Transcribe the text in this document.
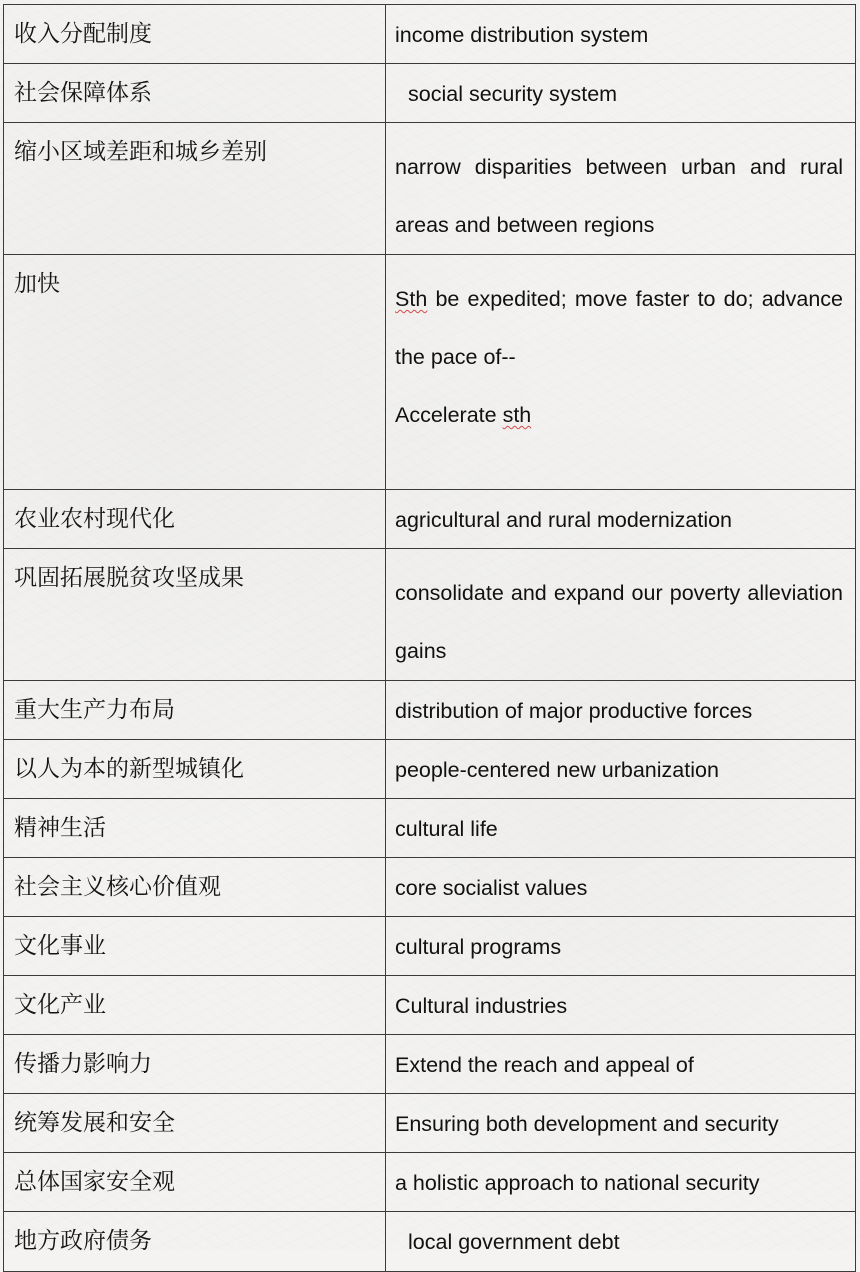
收入分配制度	income distribution system

社会保障体系	social security system

缩小区域差距和城乡差别	narrow disparities between urban and rural areas and between regions

加快	Sth be expedited; move faster to do; advance the pace of--
Accelerate sth

农业农村现代化	agricultural and rural modernization

巩固拓展脱贫攻坚成果	consolidate and expand our poverty alleviation gains

重大生产力布局	distribution of major productive forces

以人为本的新型城镇化	people-centered new urbanization

精神生活	cultural life

社会主义核心价值观	core socialist values

文化事业	cultural programs

文化产业	Cultural industries

传播力影响力	Extend the reach and appeal of

统筹发展和安全	Ensuring both development and security

总体国家安全观	a holistic approach to national security

地方政府债务	local government debt
